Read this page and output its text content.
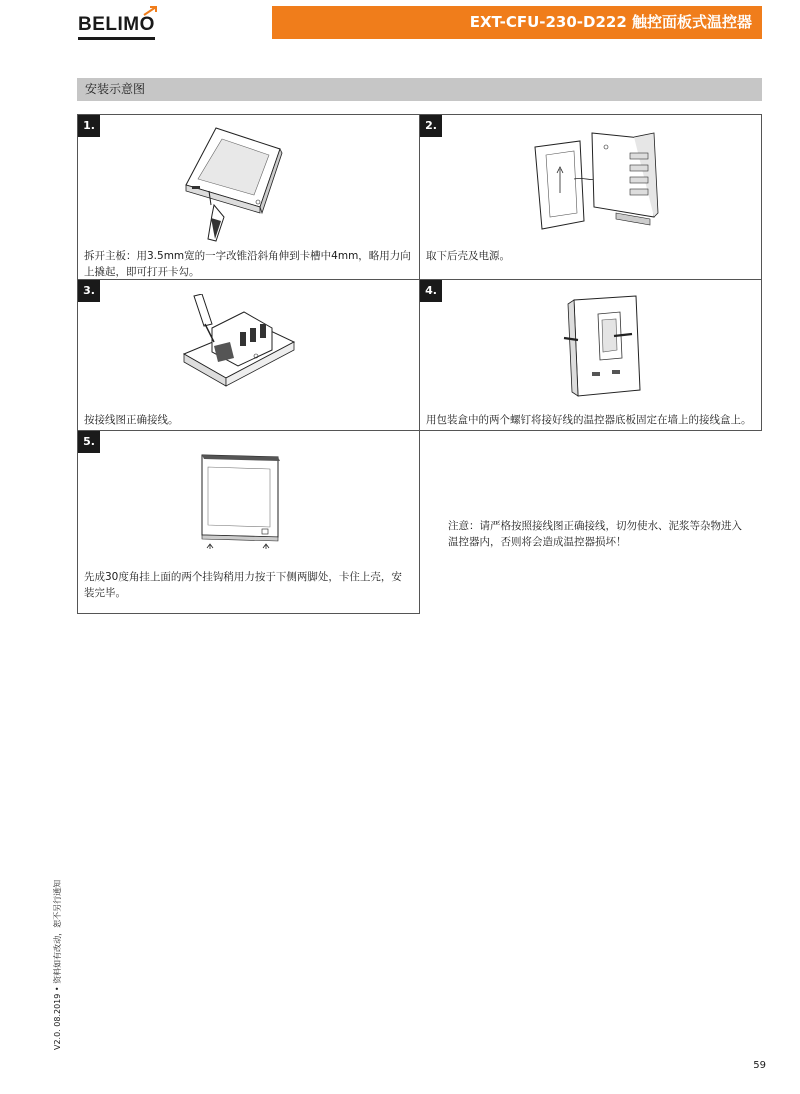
BELIMO	EXT-CFU-230-D222 触控面板式温控器
安装示意图
1.
拆开主板：用3.5mm宽的一字改锥沿斜角伸到卡槽中4mm，略用力向
上撬起，即可打开卡勾。
2.
取下后壳及电源。
3.
按接线图正确接线。
4.
用包装盒中的两个螺钉将接好线的温控器底板固定在墙上的接线盒上。
5.
先成30度角挂上面的两个挂钩稍用力按于下侧两脚处，卡住上壳，安
装完毕。
注意：请严格按照接线图正确接线，切勿使水、泥浆等杂物进入
温控器内，否则将会造成温控器损坏！
V2.0. 08.2019 • 资料如有改动，恕不另行通知
59
